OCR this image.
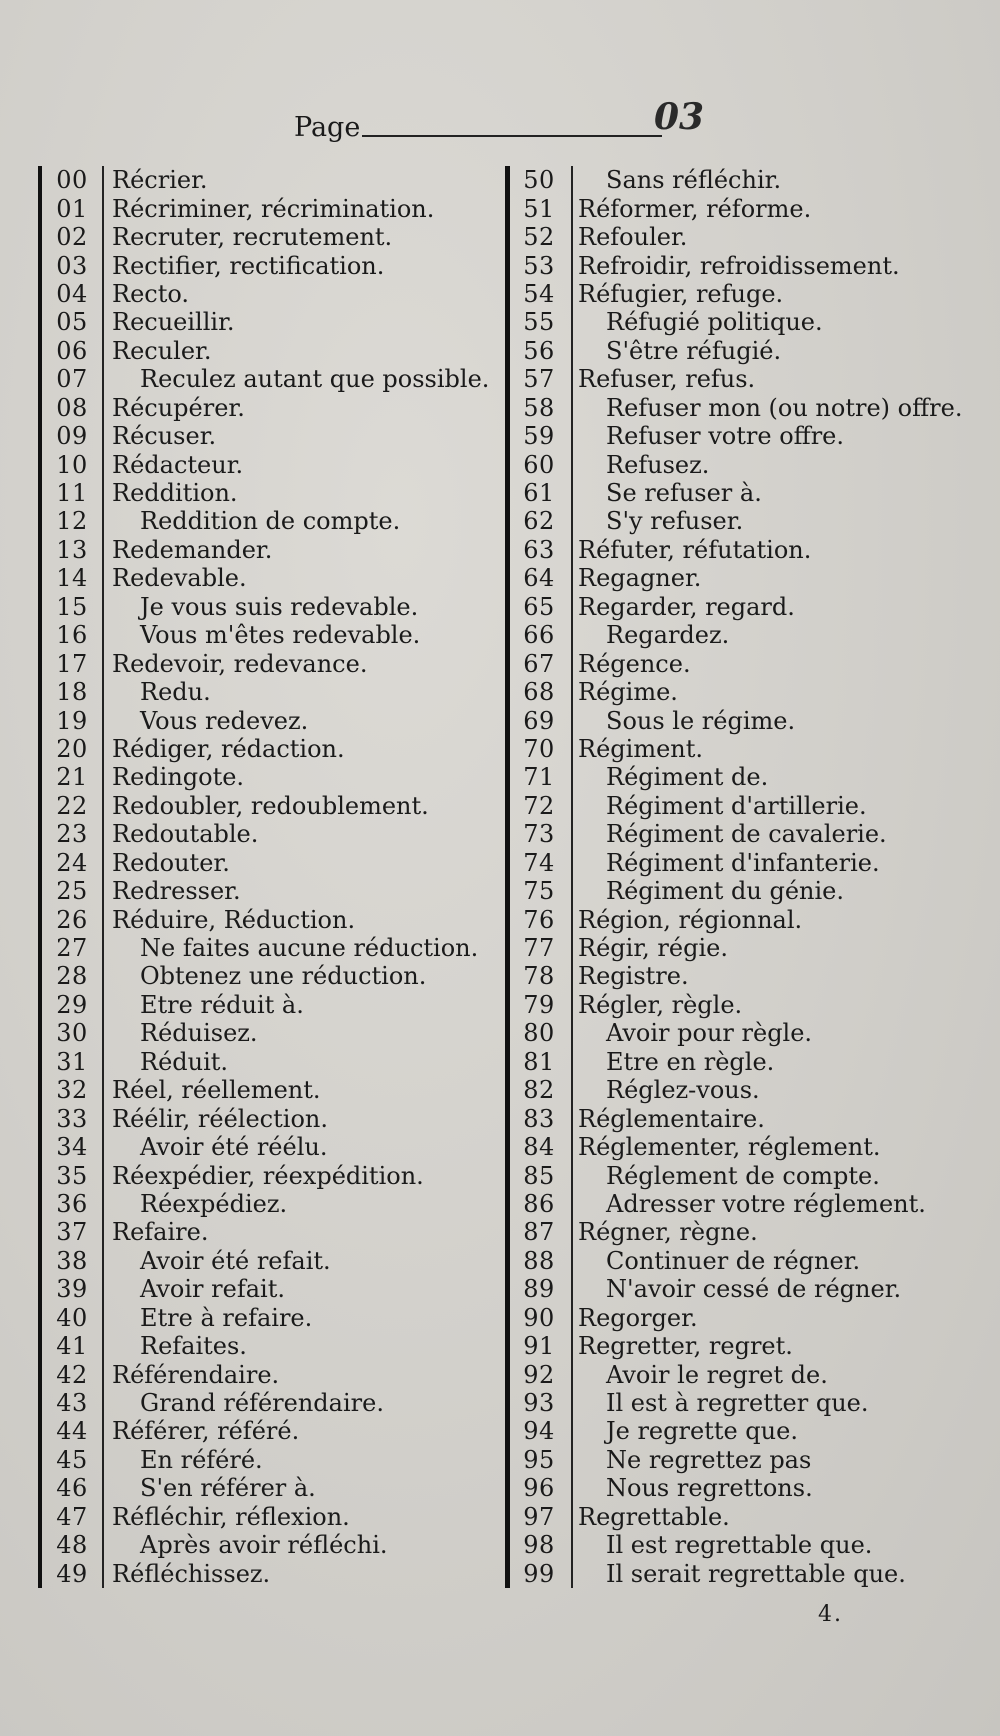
Page	03
00	Récrier.
01	Récriminer, récrimination.
02	Recruter, recrutement.
03	Rectifier, rectification.
04	Recto.
05	Recueillir.
06	Reculer.
07	Reculez autant que possible.
08	Récupérer.
09	Récuser.
10	Rédacteur.
11	Reddition.
12	Reddition de compte.
13	Redemander.
14	Redevable.
15	Je vous suis redevable.
16	Vous m'êtes redevable.
17	Redevoir, redevance.
18	Redu.
19	Vous redevez.
20	Rédiger, rédaction.
21	Redingote.
22	Redoubler, redoublement.
23	Redoutable.
24	Redouter.
25	Redresser.
26	Réduire, Réduction.
27	Ne faites aucune réduction.
28	Obtenez une réduction.
29	Etre réduit à.
30	Réduisez.
31	Réduit.
32	Réel, réellement.
33	Réélir, réélection.
34	Avoir été réélu.
35	Réexpédier, réexpédition.
36	Réexpédiez.
37	Refaire.
38	Avoir été refait.
39	Avoir refait.
40	Etre à refaire.
41	Refaites.
42	Référendaire.
43	Grand référendaire.
44	Référer, référé.
45	En référé.
46	S'en référer à.
47	Réfléchir, réflexion.
48	Après avoir réfléchi.
49	Réfléchissez.
50	Sans réfléchir.
51 Réformer, réforme.
52 Refouler.
53 Refroidir, refroidissement.
54 Réfugier, refuge.
55	Réfugié politique.
56	S'être réfugié.
57 Refuser, refus.
58	Refuser mon (ou notre) offre.
59	Refuser votre offre.
60	Refusez.
61	Se refuser à.
62	S'y refuser.
63 Réfuter, réfutation.
64 Regagner.
65 Regarder, regard.
66	Regardez.
67 Régence.
68 Régime.
69	Sous le régime.
70 Régiment.
71	Régiment de.
72	Régiment d'artillerie.
73	Régiment de cavalerie.
74	Régiment d'infanterie.
75	Régiment du génie.
76 Région, régionnal.
77 Régir, régie.
78 Registre.
79 Régler, règle.
80	Avoir pour règle.
81	Etre en règle.
82	Réglez-vous.
83 Réglementaire.
84 Réglementer, réglement.
85	Réglement de compte.
86	Adresser votre réglement.
87 Régner, règne.
88	Continuer de régner.
89	N'avoir cessé de régner.
90 Regorger.
91 Regretter, regret.
92	Avoir le regret de.
93	Il est à regretter que.
94	Je regrette que.
95	Ne regrettez pas
96	Nous regrettons.
97 Regrettable.
98	Il est regrettable que.
99	Il serait regrettable que.
4.
